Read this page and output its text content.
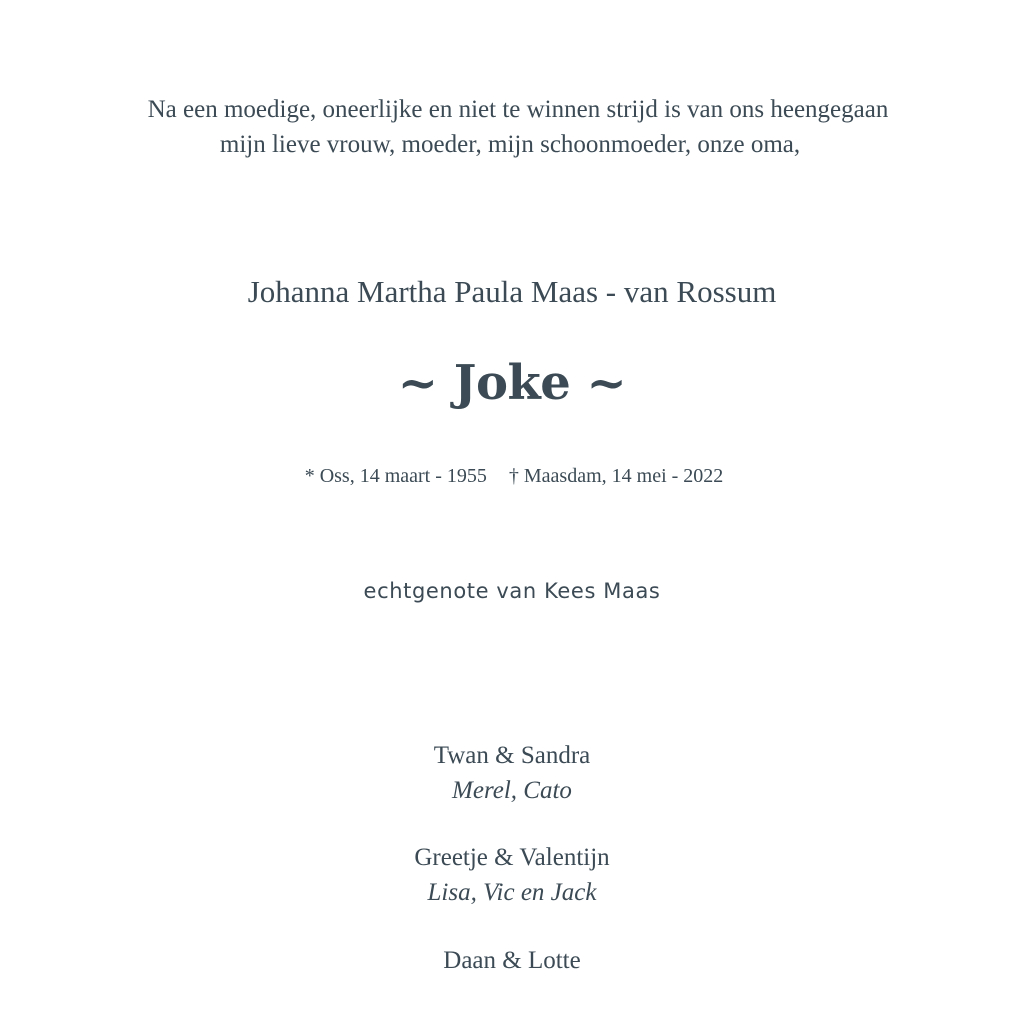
Na een moedige, oneerlijke en niet te winnen strijd is van ons heengegaan
mijn lieve vrouw, moeder, mijn schoonmoeder, onze oma,
Johanna Martha Paula Maas - van Rossum
~ Joke ~
* Oss, 14 maart - 1955 † Maasdam, 14 mei - 2022
echtgenote van Kees Maas
Twan & Sandra
Merel, Cato
Greetje & Valentijn
Lisa, Vic en Jack
Daan & Lotte
